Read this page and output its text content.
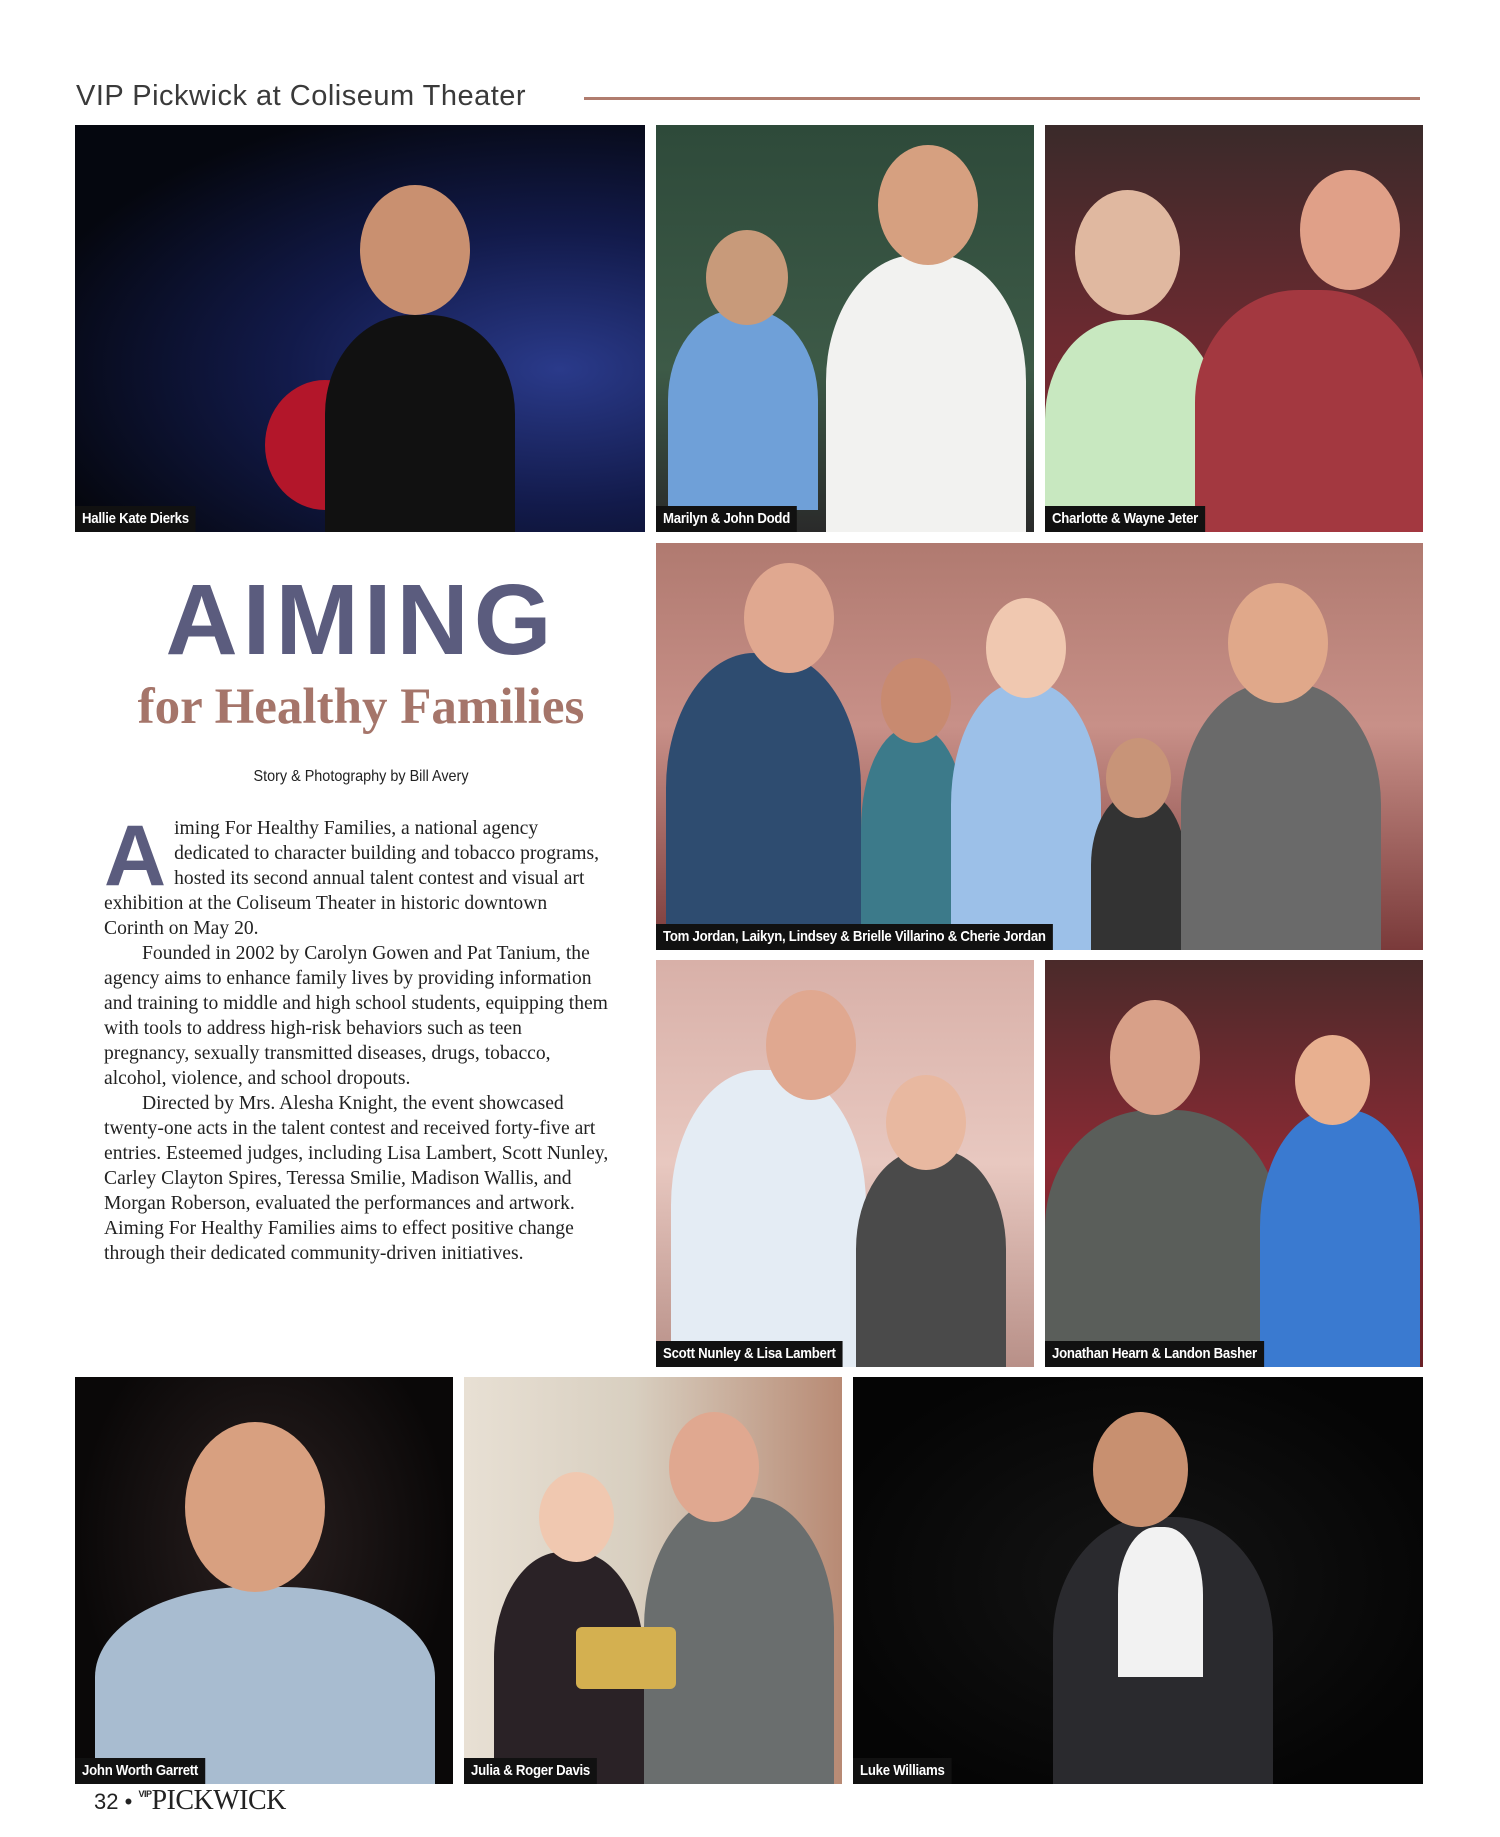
VIP Pickwick at Coliseum Theater
Hallie Kate Dierks	Marilyn & John Dodd	Charlotte & Wayne Jeter
AIMING
for Healthy Families
Story & Photography by Bill Avery

Aiming For Healthy Families, a national agency dedicated to character building and tobacco programs, hosted its second annual talent contest and visual art exhibition at the Coliseum Theater in historic downtown Corinth on May 20.

Founded in 2002 by Carolyn Gowen and Pat Tanium, the agency aims to enhance family lives by providing information and training to middle and high school students, equipping them with tools to address high-risk behaviors such as teen pregnancy, sexually transmitted diseases, drugs, tobacco, alcohol, violence, and school dropouts.

Directed by Mrs. Alesha Knight, the event showcased twenty-one acts in the talent contest and received forty-five art entries. Esteemed judges, including Lisa Lambert, Scott Nunley, Carley Clayton Spires, Teressa Smilie, Madison Wallis, and Morgan Roberson, evaluated the performances and artwork. Aiming For Healthy Families aims to effect positive change through their dedicated community-driven initiatives.

Tom Jordan, Laikyn, Lindsey & Brielle Villarino & Cherie Jordan
Scott Nunley & Lisa Lambert	Jonathan Hearn & Landon Basher
John Worth Garrett	Julia & Roger Davis	Luke Williams
32 • VIPPICKWICK
